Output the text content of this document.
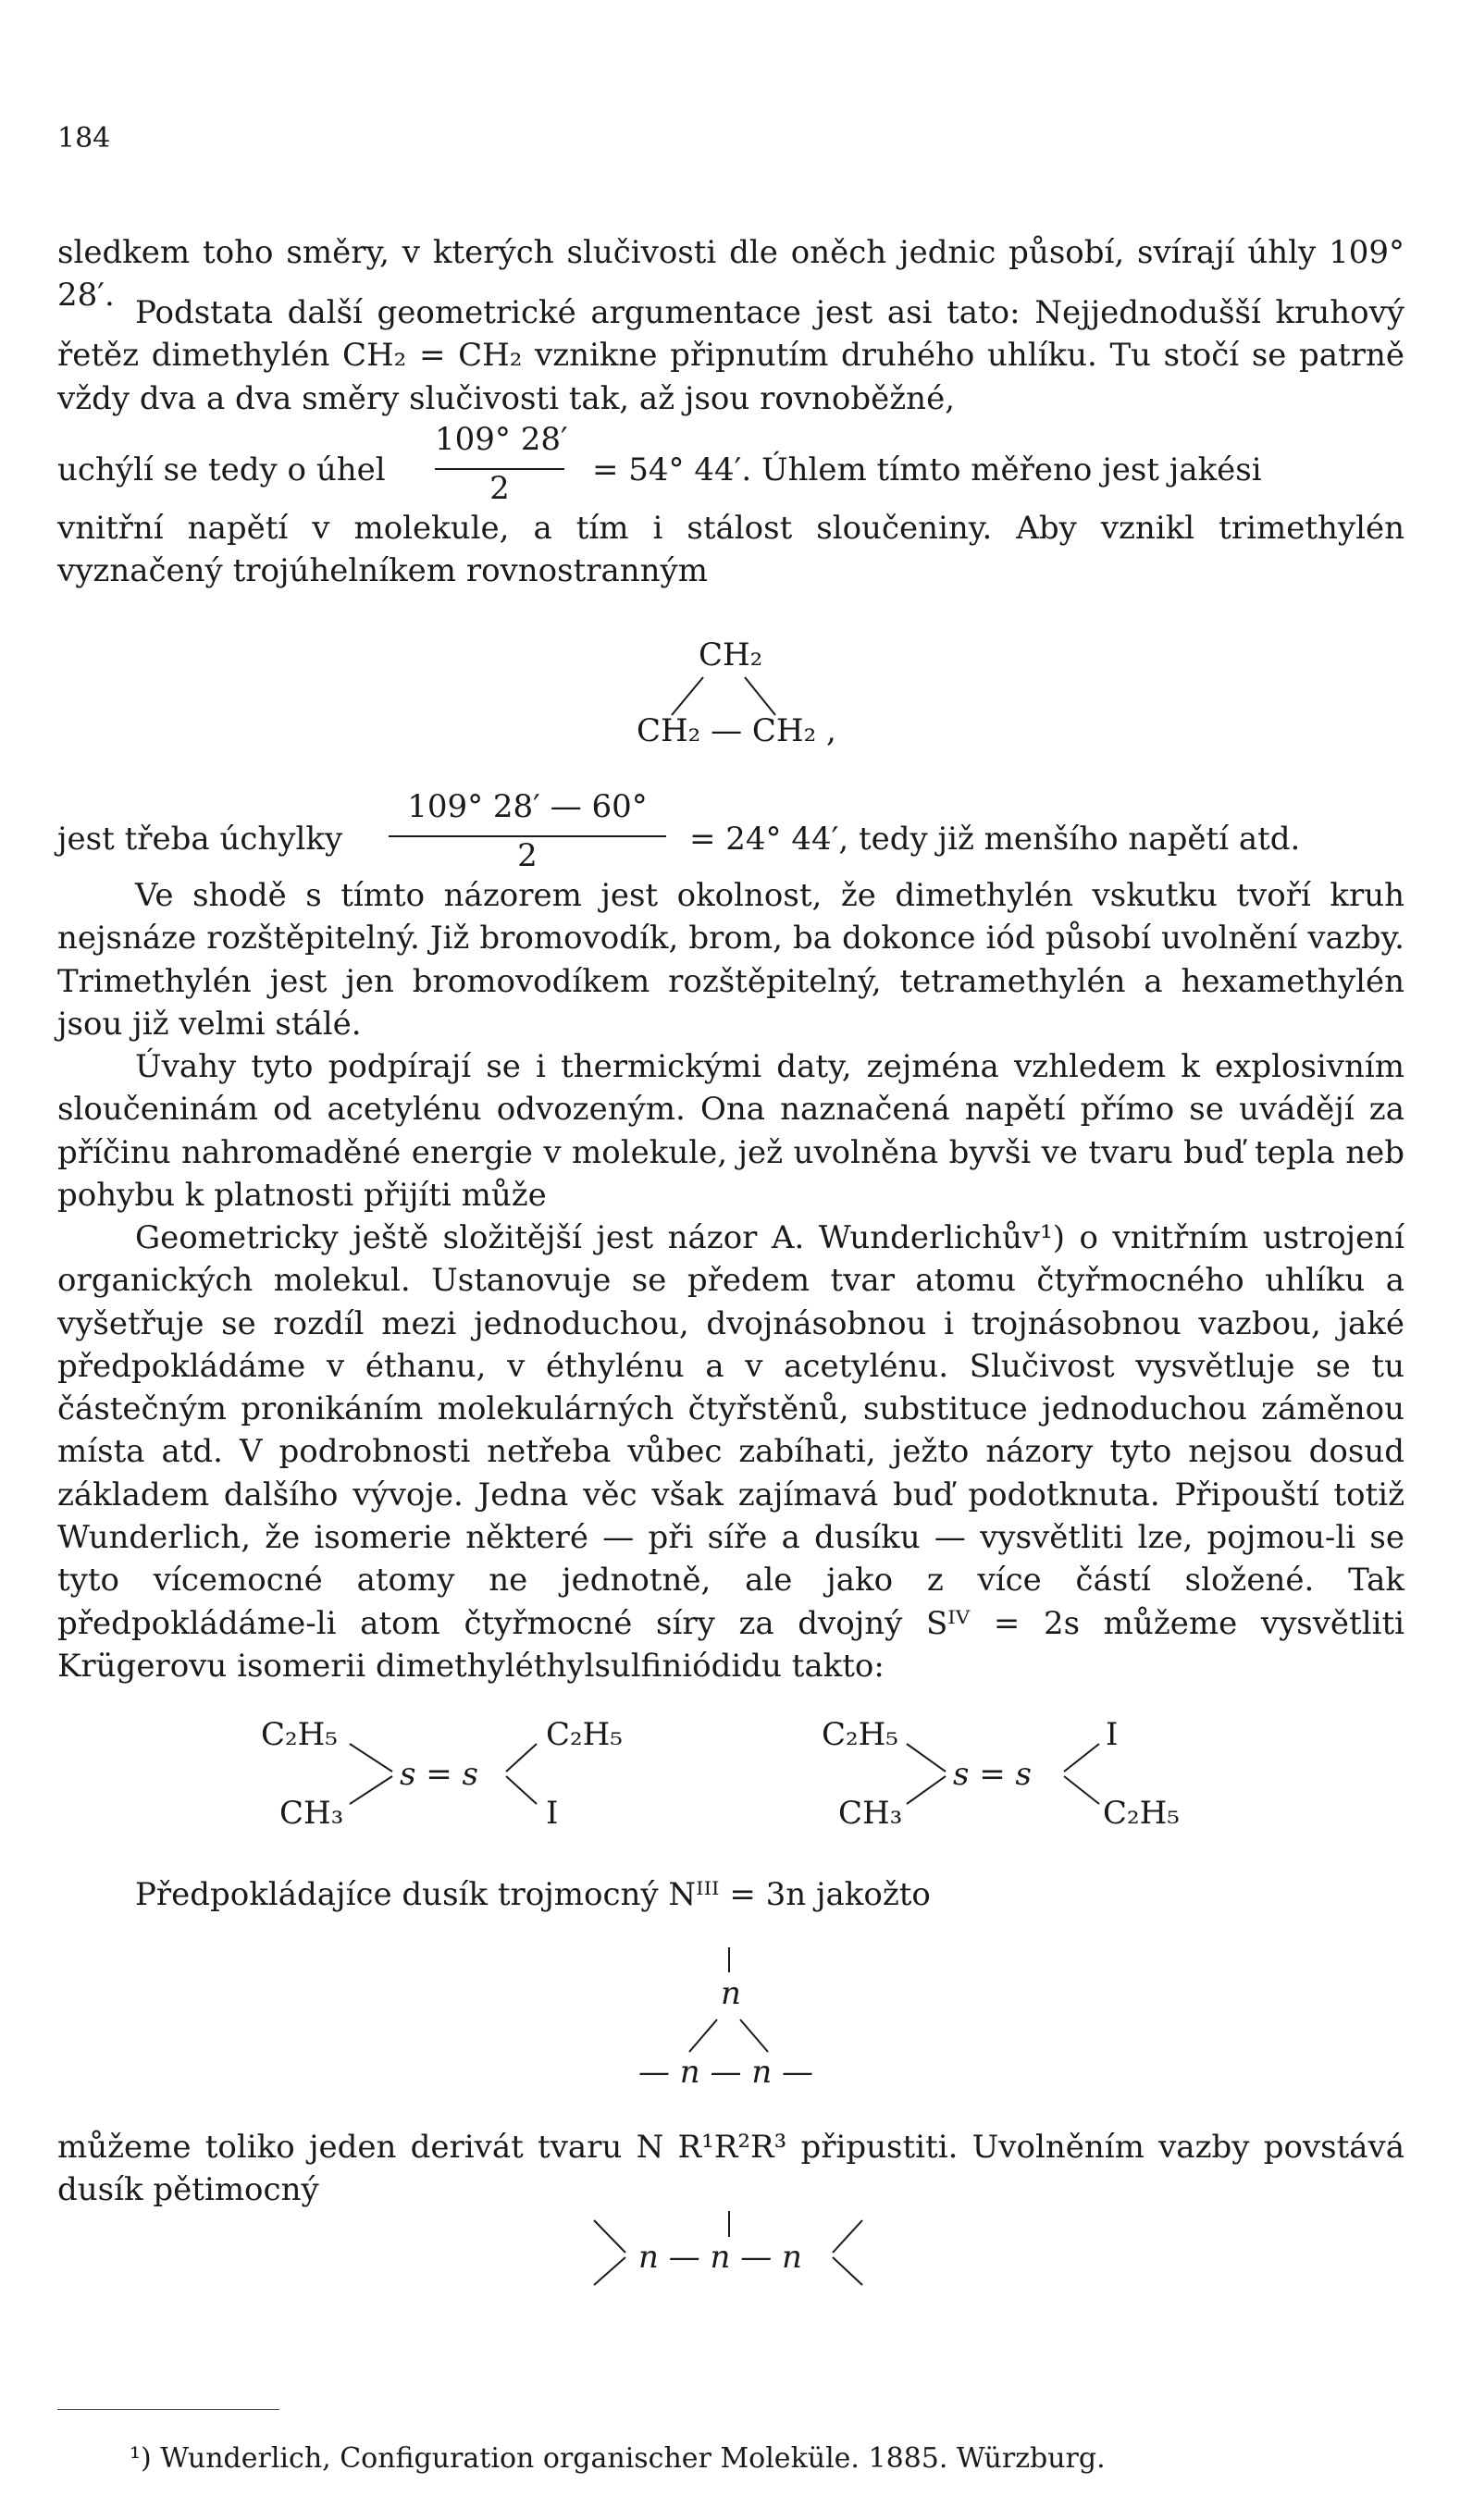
184

sledkem toho směry, v kterých slučivosti dle oněch jednic působí, svírají úhly 109° 28′. Podstata další geometrické argumentace jest asi tato: Nejjednodušší kruhový řetěz dimethylén CH₂ = CH₂ vznikne připnutím druhého uhlíku. Tu stočí se patrně vždy dva a dva směry slučivosti tak, až jsou rovnoběžné,

uchýlí se tedy o úhel
109° 28′
2	= 54° 44′. Úhlem tímto měřeno jest jakési

vnitřní napětí v molekule, a tím i stálost sloučeniny. Aby vznikl trimethylén vyznačený trojúhelníkem rovnostranným

CH₂
CH₂ — CH₂ ,
jest třeba úchylky
109° 28′ — 60°
2	= 24° 44′, tedy již menšího napětí atd.

Ve shodě s tímto názorem jest okolnost, že dimethylén vskutku tvoří kruh nejsnáze rozštěpitelný. Již bromovodík, brom, ba dokonce iód působí uvolnění vazby. Trimethylén jest jen bromovodíkem rozštěpitelný, tetramethylén a hexamethylén jsou již velmi stálé.

Úvahy tyto podpírají se i thermickými daty, zejména vzhledem k explosivním sloučeninám od acetylénu odvozeným. Ona naznačená napětí přímo se uvádějí za příčinu nahromaděné energie v molekule, jež uvolněna byvši ve tvaru buď tepla neb pohybu k platnosti přijíti může

Geometricky ještě složitější jest názor A. Wunderlichův¹) o vnitřním ustrojení organických molekul. Ustanovuje se předem tvar atomu čtyřmocného uhlíku a vyšetřuje se rozdíl mezi jednoduchou, dvojnásobnou i trojnásobnou vazbou, jaké předpokládáme v éthanu, v éthylénu a v acetylénu. Slučivost vysvětluje se tu částečným pronikáním molekulárných čtyřstěnů, substituce jednoduchou záměnou místa atd. V podrobnosti netřeba vůbec zabíhati, ježto názory tyto nejsou dosud základem dalšího vývoje. Jedna věc však zajímavá buď podotknuta. Připouští totiž Wunderlich, že isomerie některé — při síře a dusíku — vysvětliti lze, pojmou-li se tyto vícemocné atomy ne jednotně, ale jako z více částí složené. Tak předpokládáme-li atom čtyřmocné síry za dvojný Sᴵⱽ = 2s můžeme vysvětliti Krügerovu isomerii dimethyléthylsulfiniódidu takto:

C₂H₅
CH₃
s = s
C₂H₅
I
C₂H₅
CH₃
s = s
I
C₂H₅

Předpokládajíce dusík trojmocný Nᴵᴵᴵ = 3n jakožto

n
— n — n —

můžeme toliko jeden derivát tvaru N R¹R²R³ připustiti. Uvolněním vazby povstává dusík pětimocný

n — n — n
¹) Wunderlich, Configuration organischer Moleküle. 1885. Würzburg.
